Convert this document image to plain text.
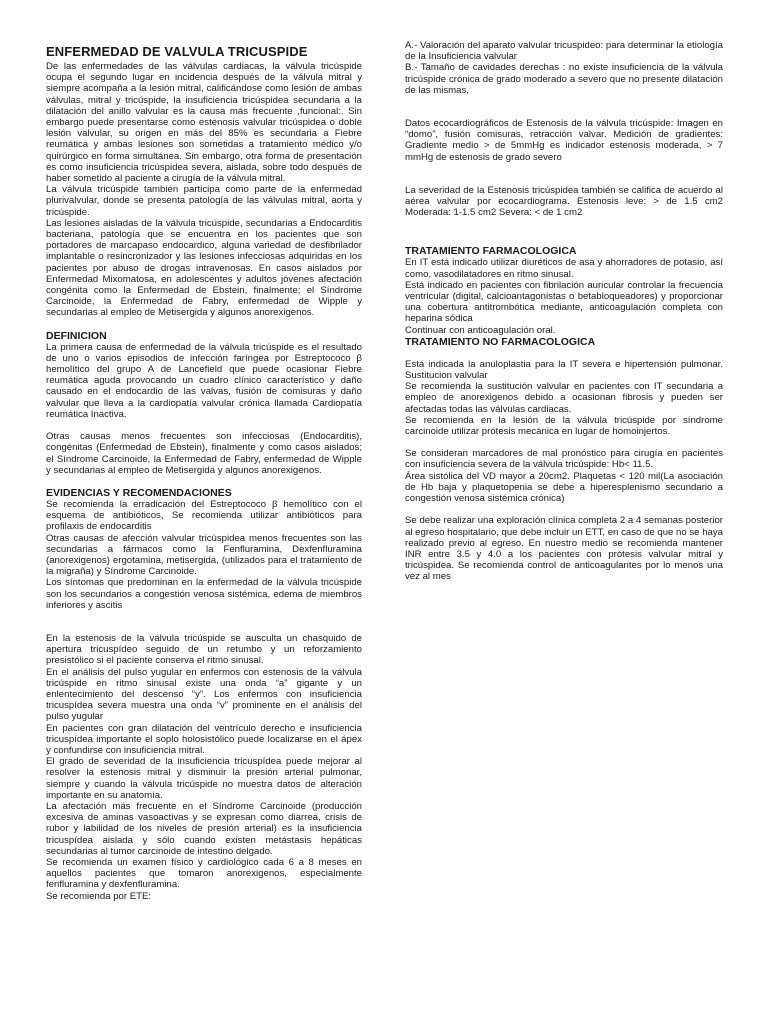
ENFERMEDAD DE VALVULA TRICUSPIDE

De las enfermedades de las válvulas cardiacas, la válvula tricúspide ocupa el segundo lugar en incidencia después de la válvula mitral y siempre acompaña a la lesión mitral, calificándose como lesión de ambas válvulas, mitral y tricúspide, la insuficiencia tricúspidea secundaria a la dilatación del anillo valvular es la causa más frecuente ,funcional:. Sin embargo puede presentarse como estenosis valvular tricúspidea o doble lesión valvular, su origen en más del 85% es secundaria a Fiebre reumática y ambas lesiones son sometidas a tratamiento médico y/o quirúrgico en forma simultánea. Sin embargo, otra forma de presentación es como insuficiencia tricúspidea severa, aislada, sobre todo después de haber sometido al paciente a cirugía de la válvula mitral.

La válvula tricúspide también participa como parte de la enfermedad plurivalvular, donde se presenta patología de las válvulas mitral, aorta y tricúspide.

Las lesiones aisladas de la válvula tricúspide, secundarias a Endocarditis bacteriana, patología que se encuentra en los pacientes que son portadores de marcapaso endocardico, alguna variedad de desfibrilador implantable o resincronizador y las lesiones infecciosas adquiridas en los pacientes por abuso de drogas intravenosas. En casos aislados por Enfermedad Mixomatosa, en adolescentes y adultos jóvenes afectación congénita como la Enfermedad de Ebstein, finalmente; el Síndrome Carcinoide, la Enfermedad de Fabry, enfermedad de Wipple y secundarias al empleo de Metisergida y algunos anorexigenos.

DEFINICION

La primera causa de enfermedad de la válvula tricúspide es el resultado de uno o varios episodios de infección faríngea por Estreptococo β hemolítico del grupo A de Lancefield que puede ocasionar Fiebre reumática aguda provocando un cuadro clínico característico y daño causado en el endocardio de las valvas, fusión de comisuras y daño valvular que lleva a la cardiopatía valvular crónica llamada Cardiopatía reumática Inactiva.

Otras causas menos frecuentes son infecciosas (Endocarditis), congénitas (Enfermedad de Ebstein), finalmente y como casos aislados; el Síndrome Carcinoide, la Enfermedad de Fabry, enfermedad de Wipple y secundarias al empleo de Metisergida y algunos anorexigenos.

EVIDENCIAS Y RECOMENDACIONES

Se recomienda la erradicación del Estreptococo β hemolítico con el esquema de antibióticos, Se recomienda utilizar antibióticos para profilaxis de endocarditis

Otras causas de afección valvular tricúspidea menos frecuentes son las secundarias a fármacos como la Fenfluramina, Dexfenfluramina (anorexigenos) ergotamina, metisergida, (utilizados para el tratamiento de la migraña) y Síndrome Carcinoide.

Los síntomas que predominan en la enfermedad de la válvula tricúspide son los secundarios a congestión venosa sistémica, edema de miembros inferiores y ascitis

En la estenosis de la válvula tricúspide se ausculta un chasquido de apertura tricuspídeo seguido de un retumbo y un reforzamiento presistólico si el paciente conserva el ritmo sinusal.

En el análisis del pulso yugular en enfermos con estenosis de la válvula tricúspide en ritmo sinusal existe una onda “a” gigante y un enlentecimiento del descenso “y”. Los enfermos con insuficiencia tricuspídea severa muestra una onda “v” prominente en el análisis del pulso yugular

En pacientes con gran dilatación del ventrículo derecho e insuficiencia tricuspídea importante el soplo holosistólico puede localizarse en el ápex y confundirse con insuficiencia mitral.

El grado de severidad de la insuficiencia tricuspídea puede mejorar al resolver la estenosis mitral y disminuir la presión arterial pulmonar, siempre y cuando la válvula tricúspide no muestra datos de alteración importante en su anatomía.

La afectación más frecuente en el Síndrome Carcinoide (producción excesiva de aminas vasoactivas y se expresan como diarrea, crisis de rubor y labilidad de los niveles de presión arterial) es la insuficiencia tricuspídea aislada y sólo cuando existen metástasis hepáticas secundarias al tumor carcinoide de intestino delgado.

Se recomienda un examen físico y cardiológico cada 6 a 8 meses en aquellos pacientes que tomaron anorexigenos, especialmente fenfluramina y dexfenfluramina.

Se recomienda por ETE:

A.- Valoración del aparato valvular tricuspideo: para determinar la etiología de la Insuficiencia valvular

B.- Tamaño de cavidades derechas : no existe insuficiencia de la válvula tricúspide crónica de grado moderado a severo que no presente dilatación de las mismas,

Datos ecocardiográficos de Estenosis de la válvula tricúspide: Imagen en “domo”, fusión comisuras, retracción valvar. Medición de gradientes: Gradiente medio > de 5mmHg es indicador estenosis moderada, > 7 mmHg de estenosis de grado severo

La severidad de la Estenosis tricúspidea también se califica de acuerdo al aérea valvular por ecocardiograma. Estenosis leve: > de 1.5 cm2 Moderada: 1-1.5 cm2 Severa: < de 1 cm2

TRATAMIENTO FARMACOLOGICA

En IT está indicado utilizar diuréticos de asa y ahorradores de potasio, así como, vasodilatadores en ritmo sinusal.

Está indicado en pacientes con fibrilación auricular controlar la frecuencia ventricular (digital, calcioantagonistas o betabloqueadores) y proporcionar una cobertura antitrombótica mediante, anticoagulación completa con heparina sódica

Continuar con anticoagulación oral.

TRATAMIENTO NO FARMACOLOGICA

Está indicada la anuloplastia para la IT severa e hipertensión pulmonar. Sustitucion valvular

Se recomienda la sustitución valvular en pacientes con IT secundaria a empleo de anorexigenos debido a ocasionan fibrosis y pueden ser afectadas todas las válvulas cardiacas.

Se recomienda en la lesión de la válvula tricúspide por síndrome carcinoide utilizar prótesis mecánica en lugar de homoinjertos.

Se consideran marcadores de mal pronóstico para cirugía en pacientes con insuficiencia severa de la válvula tricúspide: Hb< 11.5.

Área sistólica del VD mayor a 20cm2. Plaquetas < 120 mil(La asociación de Hb baja y plaquetopenia se debe a hiperesplenismo secundario a congestión venosa sistémica crónica)

Se debe realizar una exploración clínica completa 2 a 4 semanas posterior al egreso hospitalario, que debe incluir un ETT, en caso de que no se haya realizado previo al egreso. En nuestro medio se recomienda mantener INR entre 3.5 y 4.0 a los pacientes con prótesis valvular mitral y tricúspidea. Se recomienda control de anticoagulantes por lo menos una vez al mes
